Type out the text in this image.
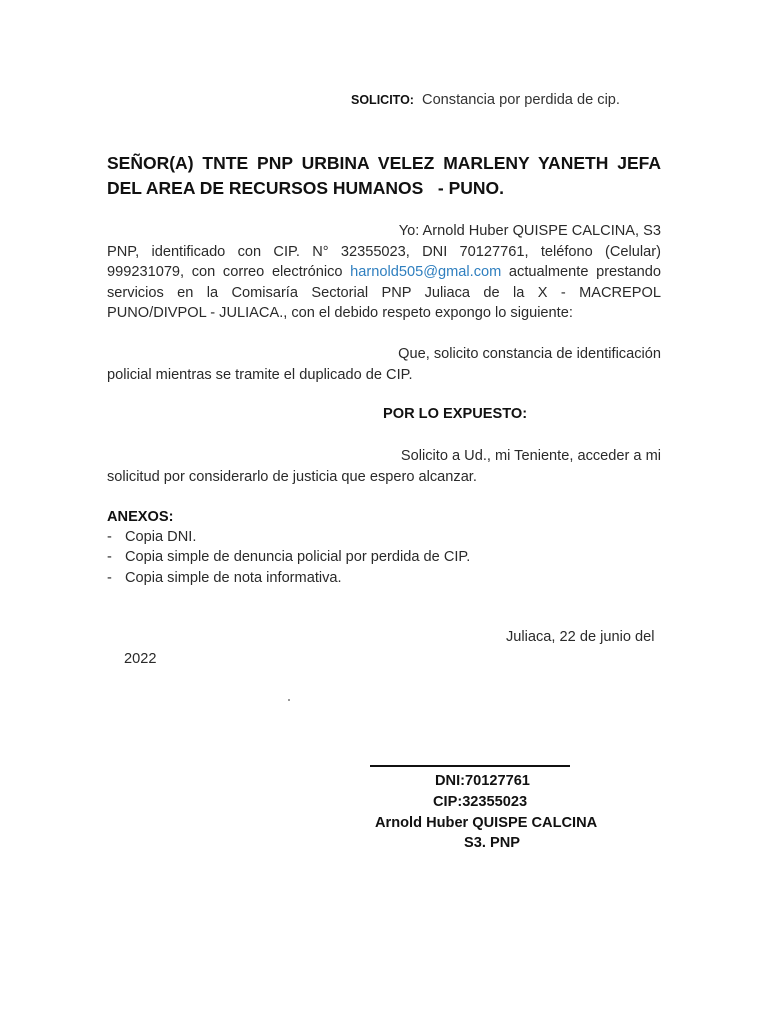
SOLICITO: Constancia por perdida de cip.
SEÑOR(A) TNTE PNP URBINA VELEZ MARLENY YANETH JEFA
DEL AREA DE RECURSOS HUMANOS   - PUNO.
Yo: Arnold Huber QUISPE CALCINA, S3
PNP, identificado con CIP. N° 32355023, DNI 70127761, teléfono (Celular)
999231079, con correo electrónico harnold505@gmal.com actualmente prestando
servicios en la Comisaría Sectorial PNP Juliaca de la X - MACREPOL
PUNO/DIVPOL - JULIACA., con el debido respeto expongo lo siguiente:
Que, solicito constancia de identificación
policial mientras se tramite el duplicado de CIP.
POR LO EXPUESTO:
Solicito a Ud., mi Teniente, acceder a mi
solicitud por considerarlo de justicia que espero alcanzar.
ANEXOS:
- Copia DNI.
- Copia simple de denuncia policial por perdida de CIP.
- Copia simple de nota informativa.
Juliaca, 22 de junio del
2022
DNI:70127761
CIP:32355023
Arnold Huber QUISPE CALCINA
S3. PNP
